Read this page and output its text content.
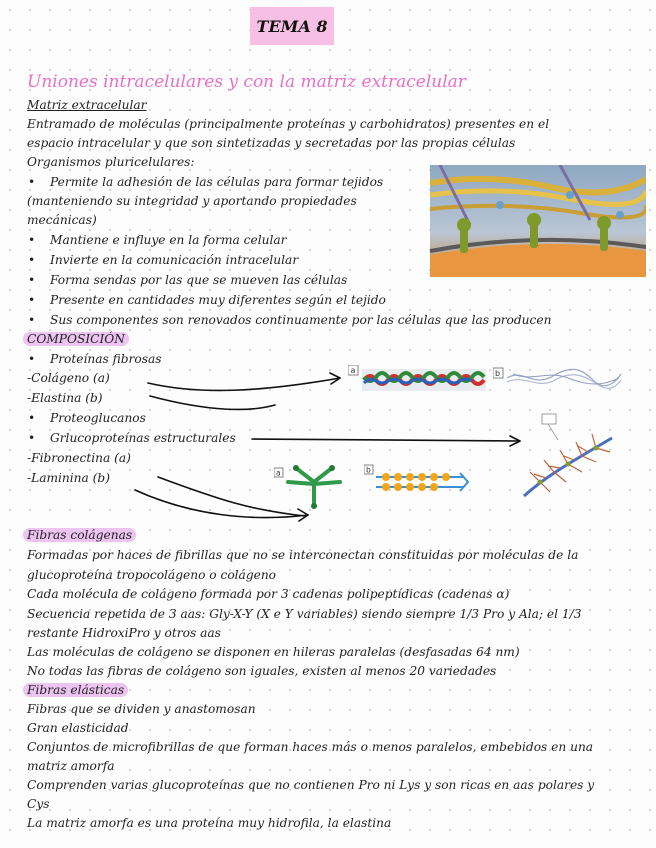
TEMA 8
Uniones intracelulares y con la matriz extracelular
Matriz extracelular
Entramado de moléculas (principalmente proteínas y carbohidratos) presentes en el
espacio intracelular y que son sintetizadas y secretadas por las propias células
Organismos pluricelulares:
• Permite la adhesión de las células para formar tejidos
(manteniendo su integridad y aportando propiedades
mecánicas)
• Mantiene e influye en la forma celular
• Invierte en la comunicación intracelular
• Forma sendas por las que se mueven las células
• Presente en cantidades muy diferentes según el tejido
• Sus componentes son renovados continuamente por las células que las producen
COMPOSICIÓN
• Proteínas fibrosas
-Colágeno (a)
-Elastina (b)
• Proteoglucanos
• Grlucoproteínas estructurales
-Fibronectina (a)
-Laminina (b)
a	b
a	b
Fibras colágenas
Formadas por haces de fibrillas que no se interconectan constituidas por moléculas de la
glucoproteína tropocolágeno o colágeno
Cada molécula de colágeno formada por 3 cadenas polipeptídicas (cadenas α)
Secuencia repetida de 3 aas: Gly-X-Y (X e Y variables) siendo siempre 1/3 Pro y Ala; el 1/3
restante HidroxiPro y otros aas
Las moléculas de colágeno se disponen en hileras paralelas (desfasadas 64 nm)
No todas las fibras de colágeno son iguales, existen al menos 20 variedades
Fibras elásticas
Fibras que se dividen y anastomosan
Gran elasticidad
Conjuntos de microfibrillas de que forman haces más o menos paralelos, embebidos en una
matriz amorfa
Comprenden varias glucoproteínas que no contienen Pro ni Lys y son ricas en aas polares y
Cys
La matriz amorfa es una proteína muy hidrofila, la elastina
